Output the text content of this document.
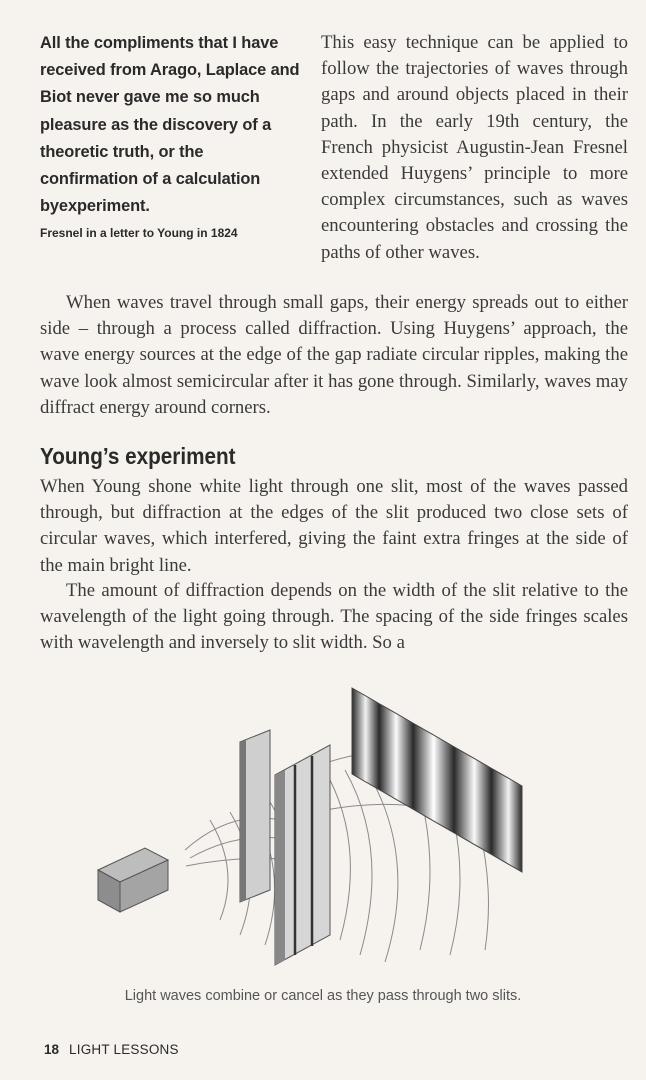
All the compliments that I have received from Arago, Laplace and Biot never gave me so much pleasure as the discovery of a theoretic truth, or the confirmation of a calculation byexperiment.
Fresnel in a letter to Young in 1824
This easy technique can be applied to follow the trajectories of waves through gaps and around objects placed in their path. In the early 19th century, the French physicist Augustin-Jean Fresnel extended Huygens’ principle to more complex circumstances, such as waves encountering obstacles and crossing the paths of other waves.
When waves travel through small gaps, their energy spreads out to either side – through a process called diffraction. Using Huygens’ approach, the wave energy sources at the edge of the gap radiate circular ripples, making the wave look almost semicircular after it has gone through. Similarly, waves may diffract energy around corners.
Young’s experiment
When Young shone white light through one slit, most of the waves passed through, but diffraction at the edges of the slit produced two close sets of circular waves, which interfered, giving the faint extra fringes at the side of the main bright line.
The amount of diffraction depends on the width of the slit relative to the wavelength of the light going through. The spacing of the side fringes scales with wavelength and inversely to slit width. So a
Light waves combine or cancel as they pass through two slits.
18 LIGHT LESSONS
